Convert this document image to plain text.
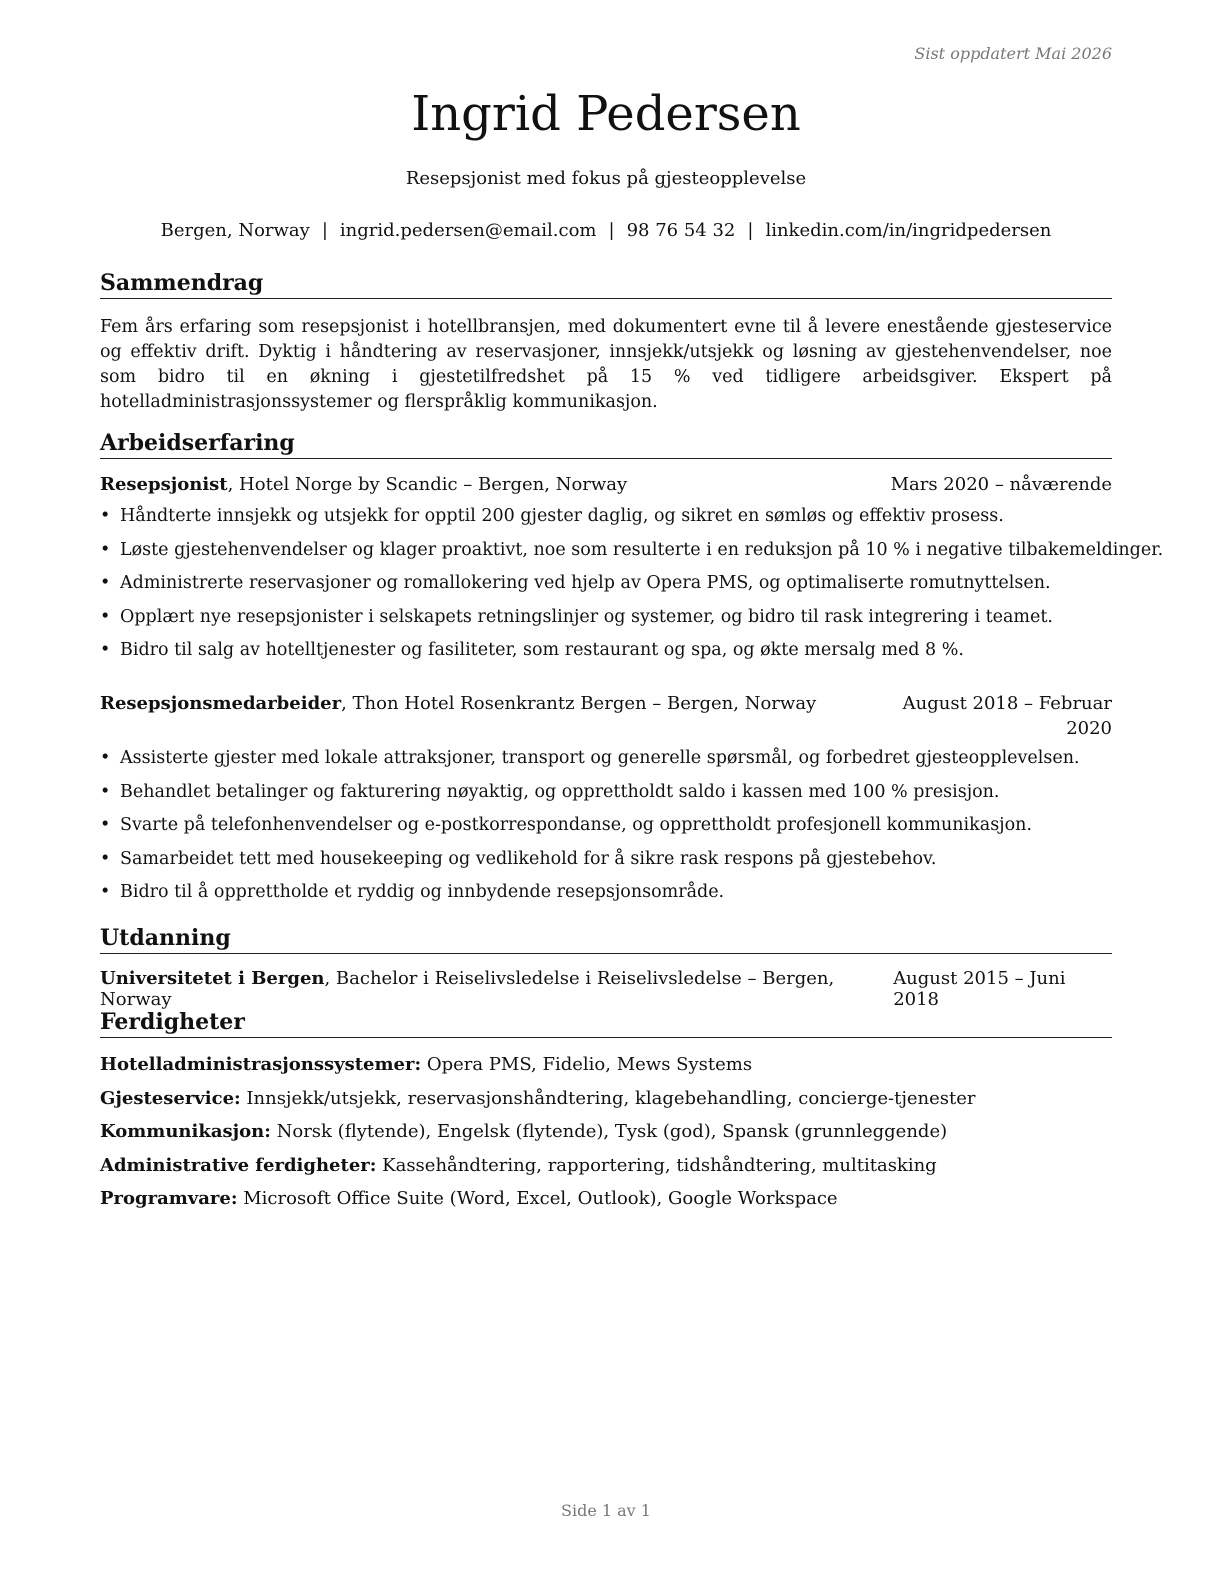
Sist oppdatert Mai 2026
Ingrid Pedersen
Resepsjonist med fokus på gjesteopplevelse
Bergen, Norway | ingrid.pedersen@email.com | 98 76 54 32 | linkedin.com/in/ingridpedersen
Sammendrag
Fem års erfaring som resepsjonist i hotellbransjen, med dokumentert evne til å levere enestående gjesteservice og effektiv drift. Dyktig i håndtering av reservasjoner, innsjekk/utsjekk og løsning av gjestehenvendelser, noe som bidro til en økning i gjestetilfredshet på 15 % ved tidligere arbeidsgiver. Ekspert på hotelladministrasjonssystemer og flerspråklig kommunikasjon.
Arbeidserfaring
Resepsjonist, Hotel Norge by Scandic – Bergen, Norway	Mars 2020 – nåværende
• Håndterte innsjekk og utsjekk for opptil 200 gjester daglig, og sikret en sømløs og effektiv prosess.
• Løste gjestehenvendelser og klager proaktivt, noe som resulterte i en reduksjon på 10 % i negative tilbakemeldinger.
• Administrerte reservasjoner og romallokering ved hjelp av Opera PMS, og optimaliserte romutnyttelsen.
• Opplært nye resepsjonister i selskapets retningslinjer og systemer, og bidro til rask integrering i teamet.
• Bidro til salg av hotelltjenester og fasiliteter, som restaurant og spa, og økte mersalg med 8 %.
Resepsjonsmedarbeider, Thon Hotel Rosenkrantz Bergen – Bergen, Norway	August 2018 – Februar 2020
• Assisterte gjester med lokale attraksjoner, transport og generelle spørsmål, og forbedret gjesteopplevelsen.
• Behandlet betalinger og fakturering nøyaktig, og opprettholdt saldo i kassen med 100 % presisjon.
• Svarte på telefonhenvendelser og e-postkorrespondanse, og opprettholdt profesjonell kommunikasjon.
• Samarbeidet tett med housekeeping og vedlikehold for å sikre rask respons på gjestebehov.
• Bidro til å opprettholde et ryddig og innbydende resepsjonsområde.
Utdanning
Universitetet i Bergen, Bachelor i Reiselivsledelse i Reiselivsledelse – Bergen, Norway
August 2015 – Juni 2018
Ferdigheter
Hotelladministrasjonssystemer: Opera PMS, Fidelio, Mews Systems
Gjesteservice: Innsjekk/utsjekk, reservasjonshåndtering, klagebehandling, concierge-tjenester
Kommunikasjon: Norsk (flytende), Engelsk (flytende), Tysk (god), Spansk (grunnleggende)
Administrative ferdigheter: Kassehåndtering, rapportering, tidshåndtering, multitasking
Programvare: Microsoft Office Suite (Word, Excel, Outlook), Google Workspace
Side 1 av 1
